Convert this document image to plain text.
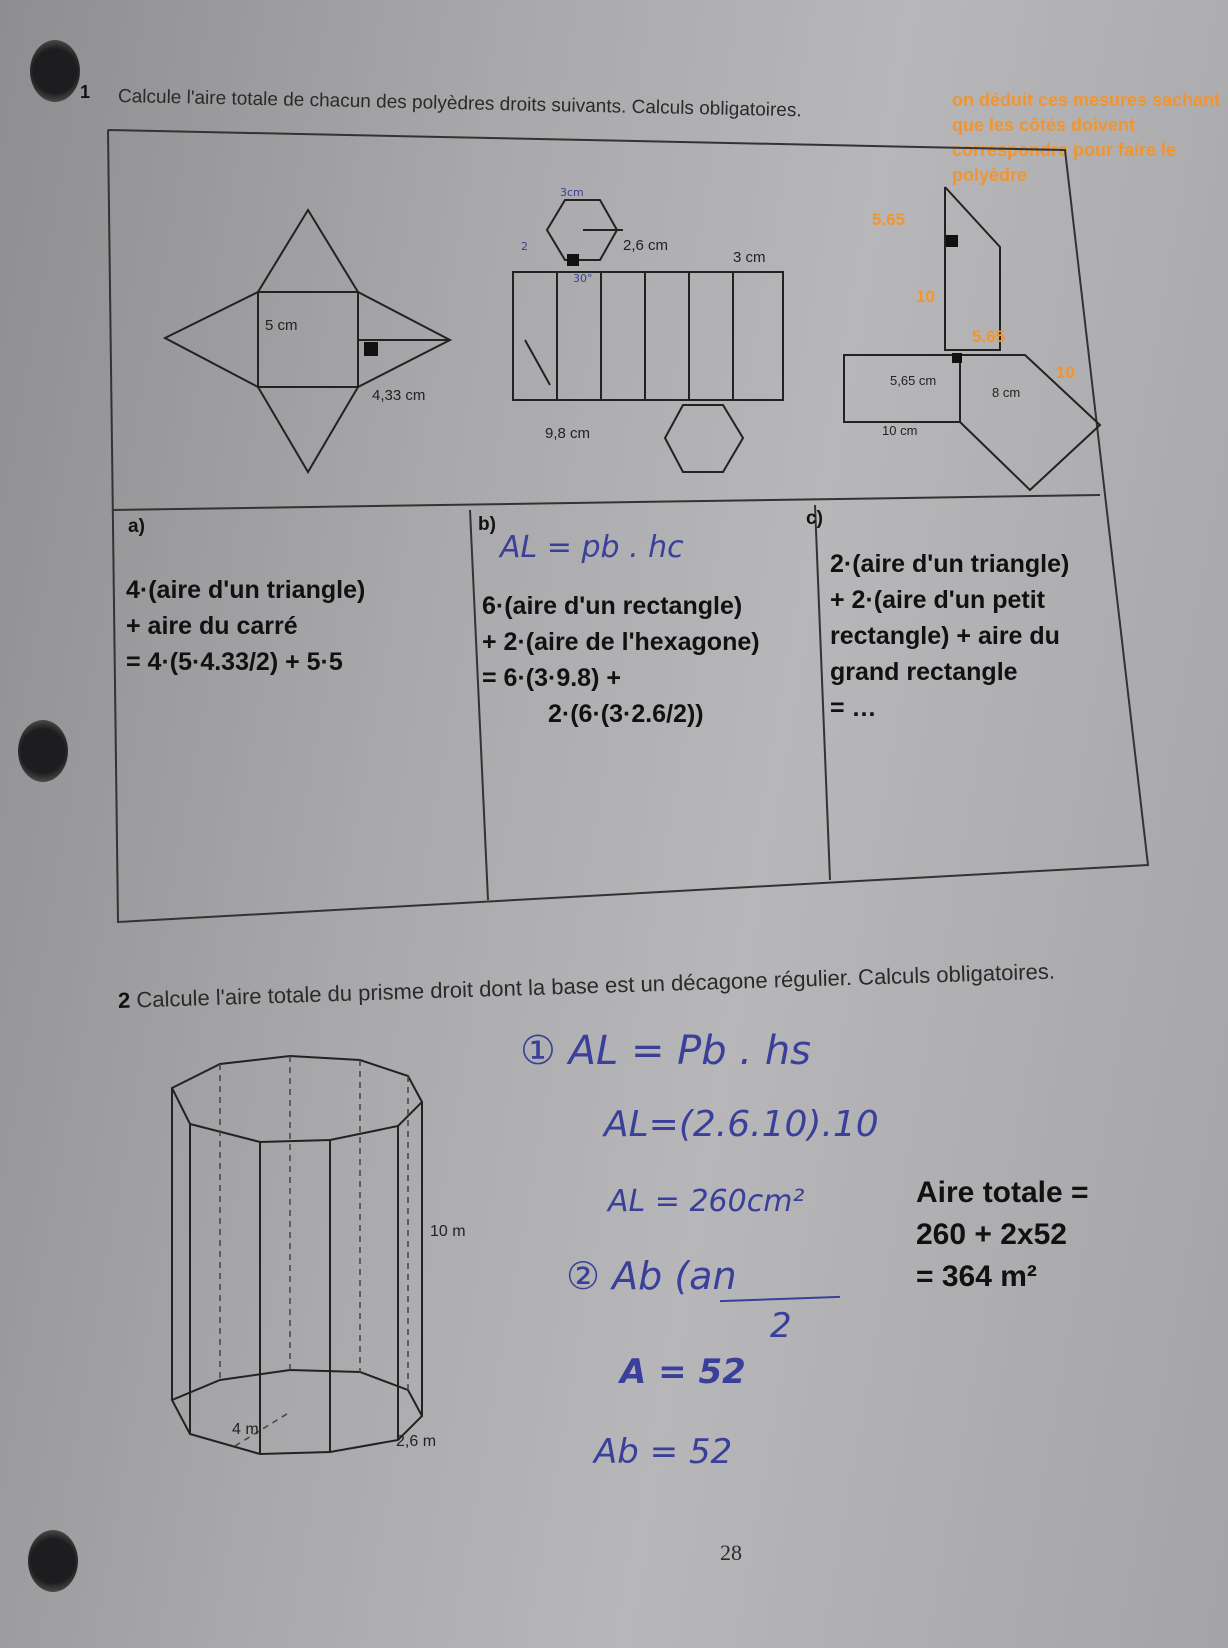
1 Calcule l'aire totale de chacun des polyèdres droits suivants. Calculs obligatoires.	on déduit ces mesures sachant que les côtés doivent correspondre pour faire le polyèdre
5 cm
4,33 cm
2,6 cm
3 cm
9,8 cm
3cm
2
30°
5,65 cm
8 cm
10 cm
5.65
10
5.65
10
a)
4·(aire d'un triangle)
+ aire du carré
= 4·(5·4.33/2) + 5·5
b)
AL = pb . hc
6·(aire d'un rectangle)
+ 2·(aire de l'hexagone)
= 6·(3·9.8) +
2·(6·(3·2.6/2))
c)
2·(aire d'un triangle)
+ 2·(aire d'un petit
rectangle) + aire du
grand rectangle
= …
2 Calcule l'aire totale du prisme droit dont la base est un décagone régulier. Calculs obligatoires.
10 m
4 m
2,6 m
① AL = Pb . hs
AL=(2.6.10).10
AL = 260cm²
② Ab (an
2
A = 52
Ab = 52
Aire totale =
260 + 2x52
= 364 m²
28
